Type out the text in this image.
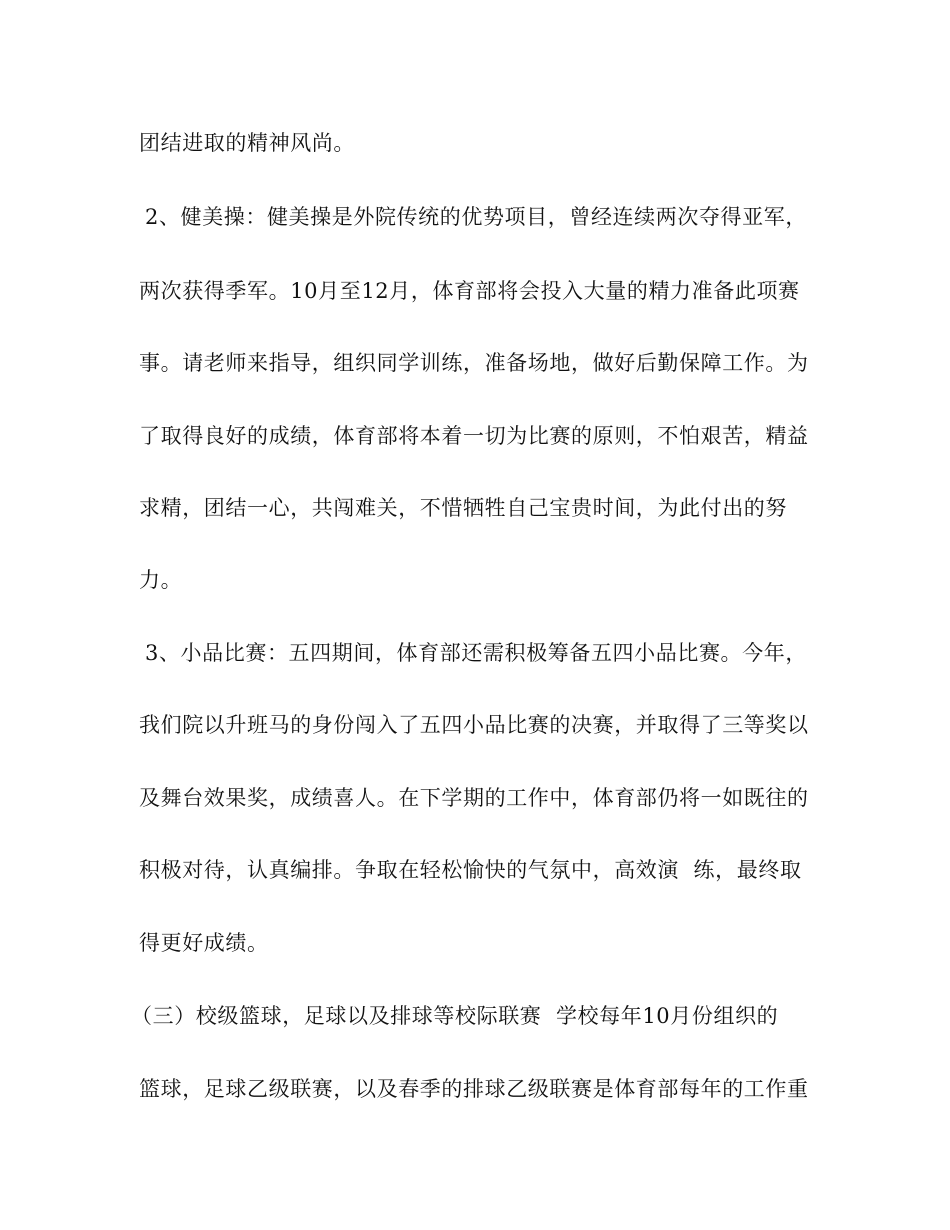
团结进取的精神风尚。
2、健美操：健美操是外院传统的优势项目，曾经连续两次夺得亚军，
两次获得季军。10月至12月，体育部将会投入大量的精力准备此项赛
事。请老师来指导，组织同学训练，准备场地，做好后勤保障工作。为
了取得良好的成绩，体育部将本着一切为比赛的原则，不怕艰苦，精益
求精，团结一心，共闯难关，不惜牺牲自己宝贵时间，为此付出的努
力。
3、小品比赛：五四期间，体育部还需积极筹备五四小品比赛。今年，
我们院以升班马的身份闯入了五四小品比赛的决赛，并取得了三等奖以
及舞台效果奖，成绩喜人。在下学期的工作中，体育部仍将一如既往的
积极对待，认真编排。争取在轻松愉快的气氛中，高效演  练，最终取
得更好成绩。
（三）校级篮球，足球以及排球等校际联赛  学校每年10月份组织的
篮球，足球乙级联赛，以及春季的排球乙级联赛是体育部每年的工作重
